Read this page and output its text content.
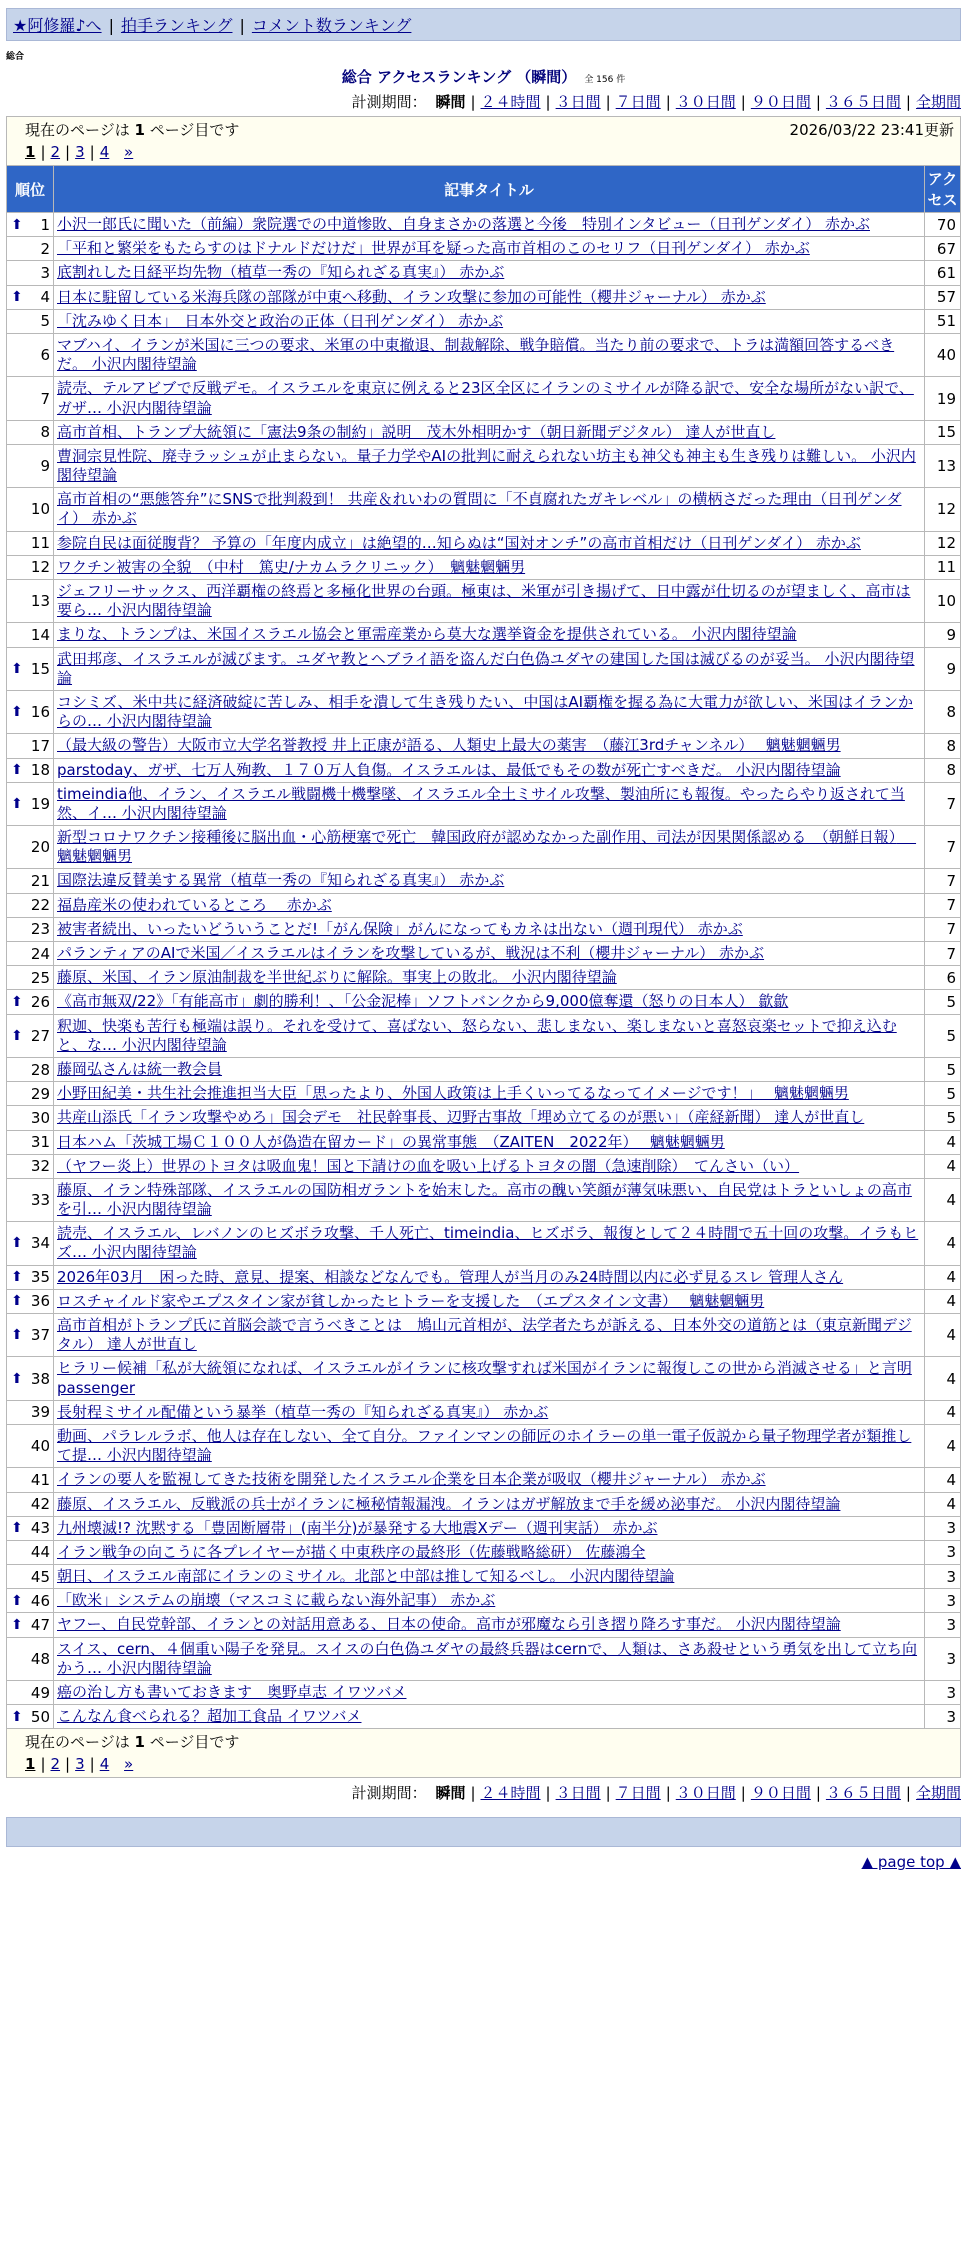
★阿修羅♪へ | 拍手ランキング | コメント数ランキング
総合
総合 アクセスランキング （瞬間） 全 156 件
計測期間： 瞬間 | ２４時間 | ３日間 | ７日間 | ３０日間 | ９０日間 | ３６５日間 | 全期間
現在のページは 1 ページ目です 2026/03/22 23:41更新
1 | 2 | 3 | 4 »		

順位	記事タイトル	アクセス

⬆ 1	小沢一郎氏に聞いた（前編）衆院選での中道惨敗、自身まさかの落選と今後　特別インタビュー（日刊ゲンダイ） 赤かぶ	70
2	「平和と繁栄をもたらすのはドナルドだけだ」世界が耳を疑った高市首相のこのセリフ（日刊ゲンダイ） 赤かぶ	67
3	底割れした日経平均先物（植草一秀の『知られざる真実』） 赤かぶ	61

⬆ 4	日本に駐留している米海兵隊の部隊が中東へ移動、イラン攻撃に参加の可能性（櫻井ジャーナル） 赤かぶ	57
5	「沈みゆく日本」　日本外交と政治の正体（日刊ゲンダイ） 赤かぶ	51
6	マブハイ、イランが米国に三つの要求、米軍の中東撤退、制裁解除、戦争賠償。当たり前の要求で、トラは満額回答するべきだ。 小沢内閣待望論	40
7	読売、テルアビブで反戦デモ。イスラエルを東京に例えると23区全区にイランのミサイルが降る訳で、安全な場所がない訳で、ガザ… 小沢内閣待望論	19
8	高市首相、トランプ大統領に「憲法9条の制約」説明　茂木外相明かす（朝日新聞デジタル） 達人が世直し	15
9	曹洞宗見性院、廃寺ラッシュが止まらない。量子力学やAIの批判に耐えられない坊主も神父も神主も生き残りは難しい。 小沢内閣待望論	13
10	高市首相の“悪態答弁”にSNSで批判殺到！ 共産＆れいわの質問に「不貞腐れたガキレベル」の横柄さだった理由（日刊ゲンダイ） 赤かぶ	12
11	参院自民は面従腹背？ 予算の「年度内成立」は絶望的…知らぬは“国対オンチ”の高市首相だけ（日刊ゲンダイ） 赤かぶ	12
12	ワクチン被害の全貌　（中村　篤史/ナカムラクリニック）　魑魅魍魎男	11
13	ジェフリーサックス、西洋覇権の終焉と多極化世界の台頭。極東は、米軍が引き揚げて、日中露が仕切るのが望ましく、高市は要ら… 小沢内閣待望論	10
14	まりな、トランプは、米国イスラエル協会と軍需産業から莫大な選挙資金を提供されている。 小沢内閣待望論	9

⬆ 15	武田邦彦、イスラエルが滅びます。ユダヤ教とヘブライ語を盗んだ白色偽ユダヤの建国した国は滅びるのが妥当。 小沢内閣待望論	9

⬆ 16	コシミズ、米中共に経済破綻に苦しみ、相手を潰して生き残りたい、中国はAI覇権を握る為に大電力が欲しい、米国はイランからの… 小沢内閣待望論	8
17	（最大級の警告）大阪市立大学名誉教授 井上正康が語る、人類史上最大の薬害　（藤江3rdチャンネル）　 魑魅魍魎男	8

⬆ 18	parstoday、ガザ、七万人殉教、１７０万人負傷。イスラエルは、最低でもその数が死亡すべきだ。 小沢内閣待望論	8

⬆ 19	timeindia他、イラン、イスラエル戦闘機十機撃墜、イスラエル全土ミサイル攻撃、製油所にも報復。やったらやり返されて当然、イ… 小沢内閣待望論	7
20	新型コロナワクチン接種後に脳出血・心筋梗塞で死亡　韓国政府が認めなかった副作用、司法が因果関係認める　（朝鮮日報）　 魑魅魍魎男	7
21	国際法違反賛美する異常（植草一秀の『知られざる真実』） 赤かぶ	7
22	福島産米の使われているところ　 赤かぶ	7
23	被害者続出、いったいどういうことだ!「がん保険」がんになってもカネは出ない（週刊現代） 赤かぶ	7
24	パランティアのAIで米国／イスラエルはイランを攻撃しているが、戦況は不利（櫻井ジャーナル） 赤かぶ	7
25	藤原、米国、イラン原油制裁を半世紀ぶりに解除。事実上の敗北。 小沢内閣待望論	6

⬆ 26	《高市無双/22》「有能高市」劇的勝利！、「公金泥棒」ソフトバンクから9,000億奪還（怒りの日本人） 歙歙	5

⬆ 27	釈迦、快楽も苦行も極端は誤り。それを受けて、喜ばない、怒らない、悲しまない、楽しまないと喜怒哀楽セットで抑え込むと、な… 小沢内閣待望論	5
28	藤岡弘さんは統一教会員	5
29	小野田紀美・共生社会推進担当大臣「思ったより、外国人政策は上手くいってるなってイメージです！」　 魑魅魍魎男	5
30	共産山添氏「イラン攻撃やめろ」国会デモ　社民幹事長、辺野古事故「埋め立てるのが悪い」（産経新聞） 達人が世直し	5
31	日本ハム「茨城工場Ｃ１００人が偽造在留カード」の異常事態　（ZAITEN　2022年）　 魑魅魍魎男	4
32	（ヤフー炎上）世界のトヨタは吸血鬼！国と下請けの血を吸い上げるトヨタの闇（急速削除）　てんさい（い）	4
33	藤原、イラン特殊部隊、イスラエルの国防相ガラントを始末した。高市の醜い笑顔が薄気味悪い、自民党はトラといしょの高市を引… 小沢内閣待望論	4

⬆ 34	読売、イスラエル、レバノンのヒズボラ攻撃、千人死亡、timeindia、ヒズボラ、報復として２４時間で五十回の攻撃。イラもヒズ… 小沢内閣待望論	4

⬆ 35	2026年03月　困った時、意見、提案、相談などなんでも。管理人が当月のみ24時間以内に必ず見るスレ 管理人さん	4

⬆ 36	ロスチャイルド家やエプスタイン家が貧しかったヒトラーを支援した　（エプスタイン文書）　 魑魅魍魎男	4

⬆ 37	高市首相がトランプ氏に首脳会談で言うべきことは　鳩山元首相が、法学者たちが訴える、日本外交の道筋とは（東京新聞デジタル） 達人が世直し	4

⬆ 38	ヒラリー候補「私が大統領になれば、イスラエルがイランに核攻撃すれば米国がイランに報復しこの世から消滅させる」と言明 passenger	4
39	長射程ミサイル配備という暴挙（植草一秀の『知られざる真実』） 赤かぶ	4
40	動画、パラレルラボ、他人は存在しない、全て自分。ファインマンの師匠のホイラーの単一電子仮説から量子物理学者が類推して提… 小沢内閣待望論	4
41	イランの要人を監視してきた技術を開発したイスラエル企業を日本企業が吸収（櫻井ジャーナル） 赤かぶ	4
42	藤原、イスラエル、反戦派の兵士がイランに極秘情報漏洩。イランはガザ解放まで手を緩め泌事だ。 小沢内閣待望論	4

⬆ 43	九州壊滅!? 沈黙する「豊固断層帯」(南半分)が暴発する大地震Xデー（週刊実話） 赤かぶ	3
44	イラン戦争の向こうに各プレイヤーが描く中東秩序の最終形（佐藤戦略総研） 佐藤鴻全	3
45	朝日、イスラエル南部にイランのミサイル。北部と中部は推して知るべし。 小沢内閣待望論	3

⬆ 46	「欧米」システムの崩壊（マスコミに載らない海外記事） 赤かぶ	3

⬆ 47	ヤフー、自民党幹部、イランとの対話用意ある、日本の使命。高市が邪魔なら引き摺り降ろす事だ。 小沢内閣待望論	3
48	スイス、cern、４個重い陽子を発見。スイスの白色偽ユダヤの最終兵器はcernで、人類は、さあ殺せという勇気を出して立ち向かう… 小沢内閣待望論	3
49	癌の治し方も書いておきます　奥野卓志 イワツバメ	3

⬆ 50	こんなん食べられる？超加工食品 イワツバメ	3

現在のページは 1 ページ目です
1 | 2 | 3 | 4 »		
計測期間： 瞬間 | ２４時間 | ３日間 | ７日間 | ３０日間 | ９０日間 | ３６５日間 | 全期間
▲ page top ▲
